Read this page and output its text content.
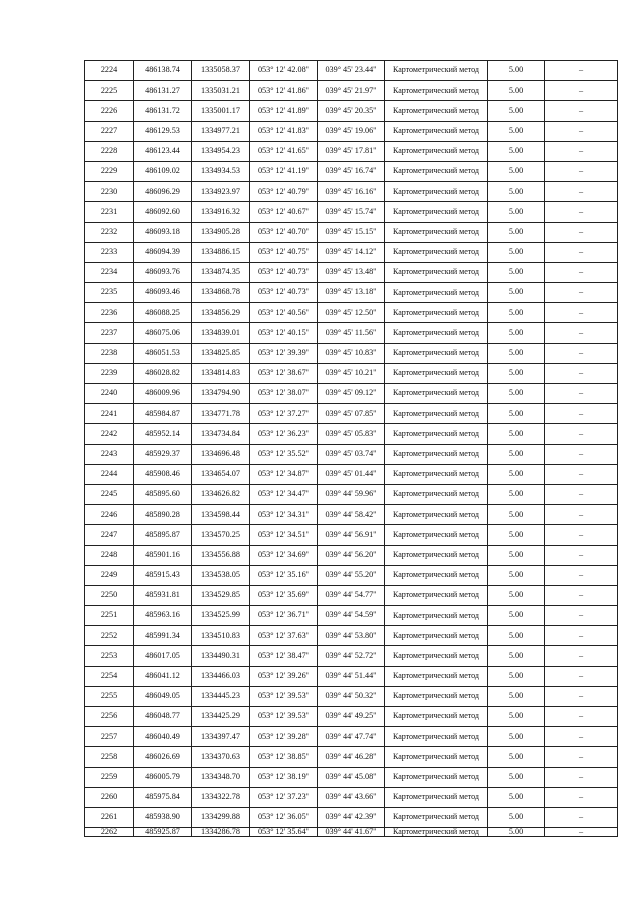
2224	486138.74	1335058.37	053° 12' 42.08"	039° 45' 23.44"	Картометрический метод	5.00	–
2225	486131.27	1335031.21	053° 12' 41.86"	039° 45' 21.97"	Картометрический метод	5.00	–
2226	486131.72	1335001.17	053° 12' 41.89"	039° 45' 20.35"	Картометрический метод	5.00	–
2227	486129.53	1334977.21	053° 12' 41.83"	039° 45' 19.06"	Картометрический метод	5.00	–
2228	486123.44	1334954.23	053° 12' 41.65"	039° 45' 17.81"	Картометрический метод	5.00	–
2229	486109.02	1334934.53	053° 12' 41.19"	039° 45' 16.74"	Картометрический метод	5.00	–
2230	486096.29	1334923.97	053° 12' 40.79"	039° 45' 16.16"	Картометрический метод	5.00	–
2231	486092.60	1334916.32	053° 12' 40.67"	039° 45' 15.74"	Картометрический метод	5.00	–
2232	486093.18	1334905.28	053° 12' 40.70"	039° 45' 15.15"	Картометрический метод	5.00	–
2233	486094.39	1334886.15	053° 12' 40.75"	039° 45' 14.12"	Картометрический метод	5.00	–
2234	486093.76	1334874.35	053° 12' 40.73"	039° 45' 13.48"	Картометрический метод	5.00	–
2235	486093.46	1334868.78	053° 12' 40.73"	039° 45' 13.18"	Картометрический метод	5.00	–
2236	486088.25	1334856.29	053° 12' 40.56"	039° 45' 12.50"	Картометрический метод	5.00	–
2237	486075.06	1334839.01	053° 12' 40.15"	039° 45' 11.56"	Картометрический метод	5.00	–
2238	486051.53	1334825.85	053° 12' 39.39"	039° 45' 10.83"	Картометрический метод	5.00	–
2239	486028.82	1334814.83	053° 12' 38.67"	039° 45' 10.21"	Картометрический метод	5.00	–
2240	486009.96	1334794.90	053° 12' 38.07"	039° 45' 09.12"	Картометрический метод	5.00	–
2241	485984.87	1334771.78	053° 12' 37.27"	039° 45' 07.85"	Картометрический метод	5.00	–
2242	485952.14	1334734.84	053° 12' 36.23"	039° 45' 05.83"	Картометрический метод	5.00	–
2243	485929.37	1334696.48	053° 12' 35.52"	039° 45' 03.74"	Картометрический метод	5.00	–
2244	485908.46	1334654.07	053° 12' 34.87"	039° 45' 01.44"	Картометрический метод	5.00	–
2245	485895.60	1334626.82	053° 12' 34.47"	039° 44' 59.96"	Картометрический метод	5.00	–
2246	485890.28	1334598.44	053° 12' 34.31"	039° 44' 58.42"	Картометрический метод	5.00	–
2247	485895.87	1334570.25	053° 12' 34.51"	039° 44' 56.91"	Картометрический метод	5.00	–
2248	485901.16	1334556.88	053° 12' 34.69"	039° 44' 56.20"	Картометрический метод	5.00	–
2249	485915.43	1334538.05	053° 12' 35.16"	039° 44' 55.20"	Картометрический метод	5.00	–
2250	485931.81	1334529.85	053° 12' 35.69"	039° 44' 54.77"	Картометрический метод	5.00	–
2251	485963.16	1334525.99	053° 12' 36.71"	039° 44' 54.59"	Картометрический метод	5.00	–
2252	485991.34	1334510.83	053° 12' 37.63"	039° 44' 53.80"	Картометрический метод	5.00	–
2253	486017.05	1334490.31	053° 12' 38.47"	039° 44' 52.72"	Картометрический метод	5.00	–
2254	486041.12	1334466.03	053° 12' 39.26"	039° 44' 51.44"	Картометрический метод	5.00	–
2255	486049.05	1334445.23	053° 12' 39.53"	039° 44' 50.32"	Картометрический метод	5.00	–
2256	486048.77	1334425.29	053° 12' 39.53"	039° 44' 49.25"	Картометрический метод	5.00	–
2257	486040.49	1334397.47	053° 12' 39.28"	039° 44' 47.74"	Картометрический метод	5.00	–
2258	486026.69	1334370.63	053° 12' 38.85"	039° 44' 46.28"	Картометрический метод	5.00	–
2259	486005.79	1334348.70	053° 12' 38.19"	039° 44' 45.08"	Картометрический метод	5.00	–
2260	485975.84	1334322.78	053° 12' 37.23"	039° 44' 43.66"	Картометрический метод	5.00	–
2261	485938.90	1334299.88	053° 12' 36.05"	039° 44' 42.39"	Картометрический метод	5.00	–
2262	485925.87	1334286.78	053° 12' 35.64"	039° 44' 41.67"	Картометрический метод	5.00	–
